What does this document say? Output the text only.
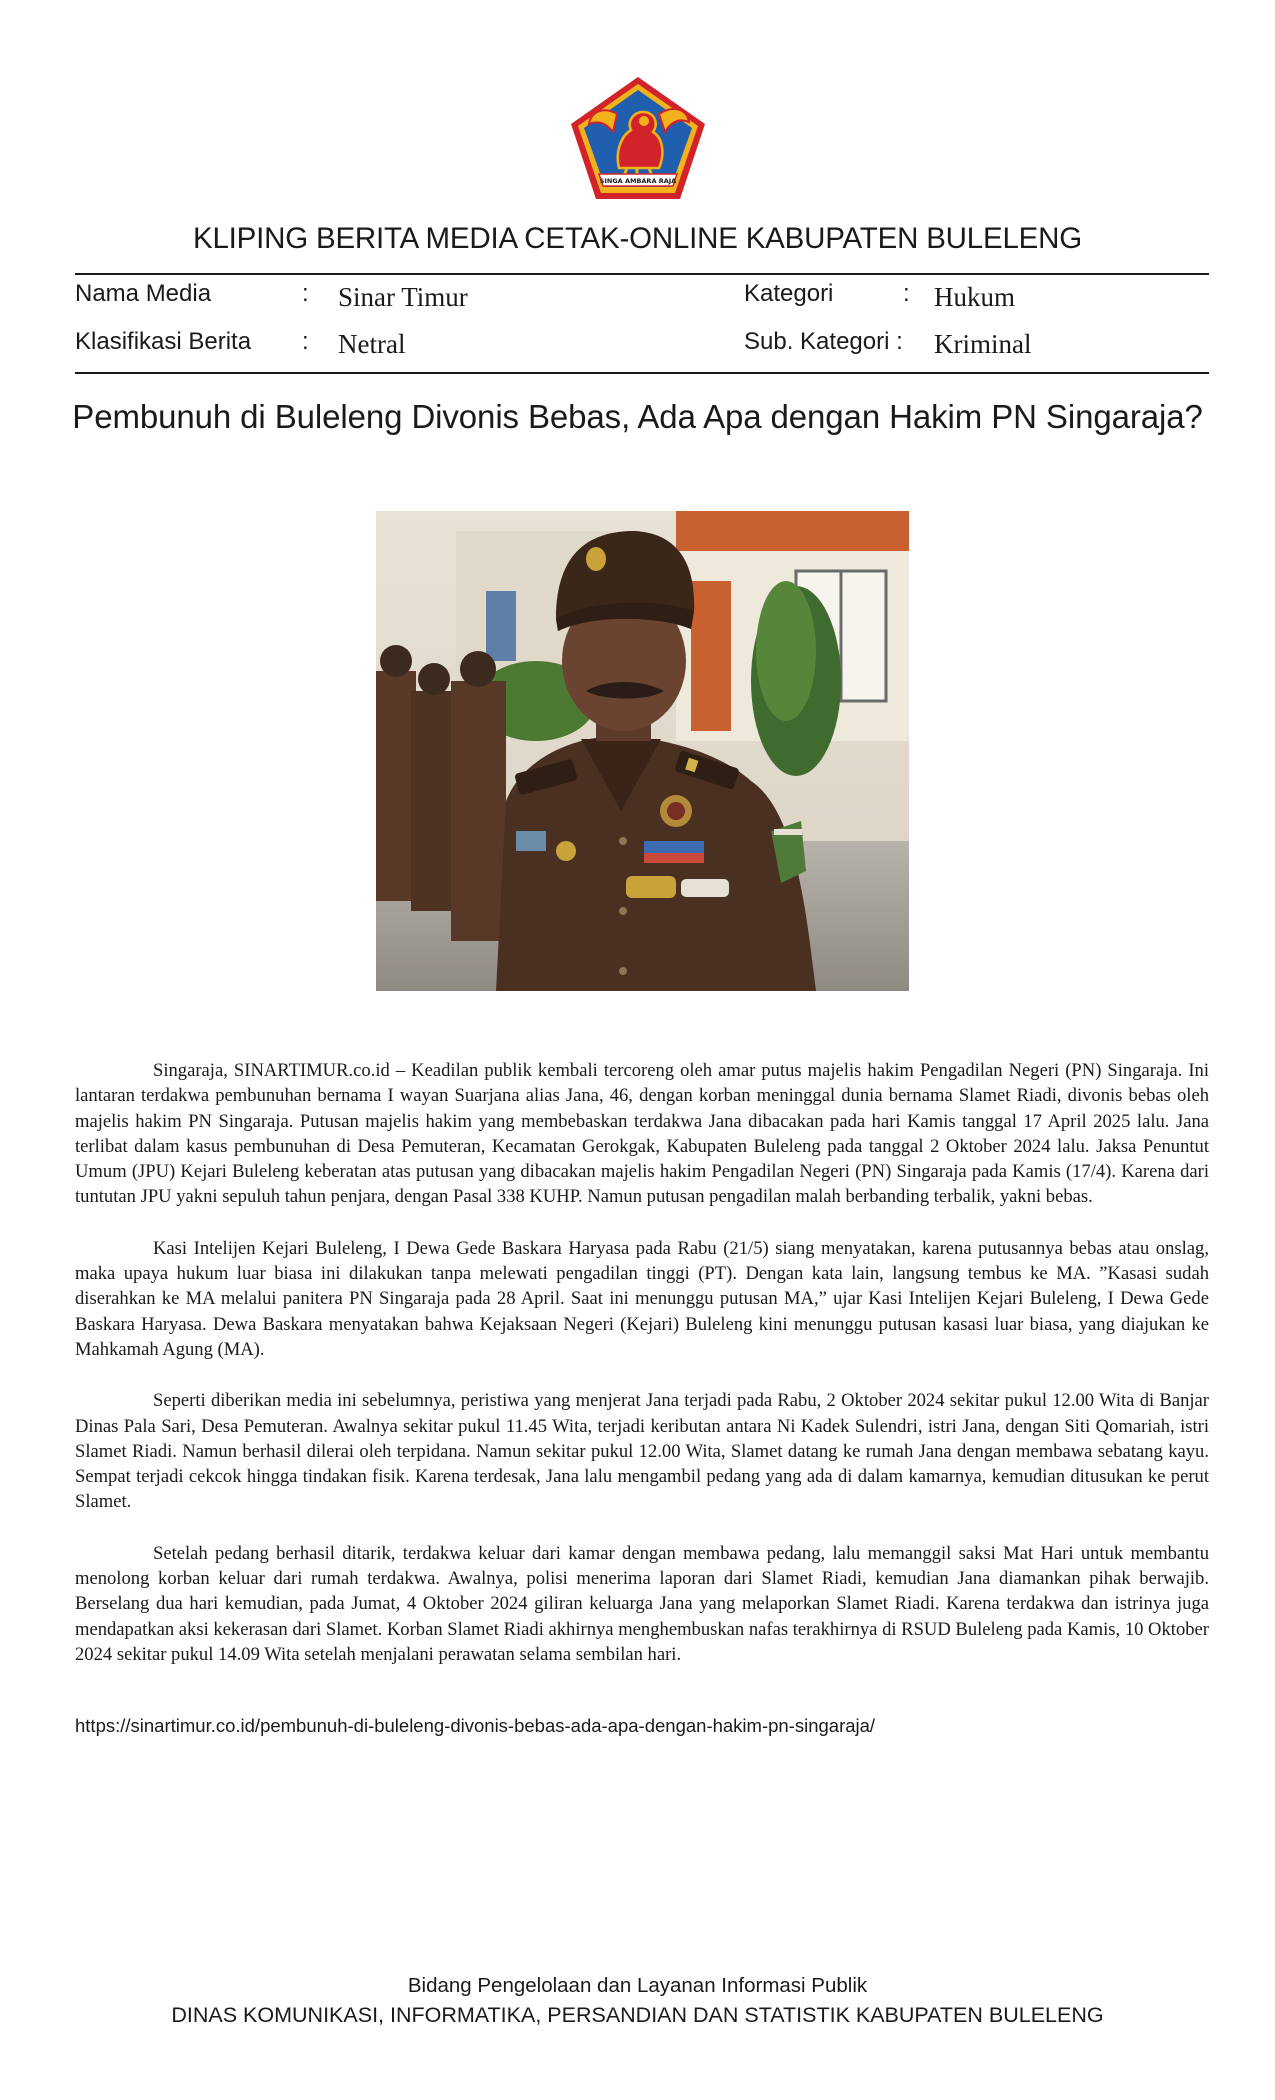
SINGA AMBARA RAJA
KLIPING BERITA MEDIA CETAK-ONLINE KABUPATEN BULELENG
Nama Media	: Sinar Timur	Kategori	: Hukum
Klasifikasi Berita : Netral	Sub. Kategori : Kriminal
Pembunuh di Buleleng Divonis Bebas, Ada Apa dengan Hakim PN Singaraja?

Singaraja, SINARTIMUR.co.id – Keadilan publik kembali tercoreng oleh amar putus majelis hakim Pengadilan Negeri (PN) Singaraja. Ini lantaran terdakwa pembunuhan bernama I wayan Suarjana alias Jana, 46, dengan korban meninggal dunia bernama Slamet Riadi, divonis bebas oleh majelis hakim PN Singaraja. Putusan majelis hakim yang membebaskan terdakwa Jana dibacakan pada hari Kamis tanggal 17 April 2025 lalu. Jana terlibat dalam kasus pembunuhan di Desa Pemuteran, Kecamatan Gerokgak, Kabupaten Buleleng pada tanggal 2 Oktober 2024 lalu. Jaksa Penuntut Umum (JPU) Kejari Buleleng keberatan atas putusan yang dibacakan majelis hakim Pengadilan Negeri (PN) Singaraja pada Kamis (17/4). Karena dari tuntutan JPU yakni sepuluh tahun penjara, dengan Pasal 338 KUHP. Namun putusan pengadilan malah berbanding terbalik, yakni bebas.

Kasi Intelijen Kejari Buleleng, I Dewa Gede Baskara Haryasa pada Rabu (21/5) siang menyatakan, karena putusannya bebas atau onslag, maka upaya hukum luar biasa ini dilakukan tanpa melewati pengadilan tinggi (PT). Dengan kata lain, langsung tembus ke MA. ”Kasasi sudah diserahkan ke MA melalui panitera PN Singaraja pada 28 April. Saat ini menunggu putusan MA,” ujar Kasi Intelijen Kejari Buleleng, I Dewa Gede Baskara Haryasa. Dewa Baskara menyatakan bahwa Kejaksaan Negeri (Kejari) Buleleng kini menunggu putusan kasasi luar biasa, yang diajukan ke Mahkamah Agung (MA).

Seperti diberikan media ini sebelumnya, peristiwa yang menjerat Jana terjadi pada Rabu, 2 Oktober 2024 sekitar pukul 12.00 Wita di Banjar Dinas Pala Sari, Desa Pemuteran. Awalnya sekitar pukul 11.45 Wita, terjadi keributan antara Ni Kadek Sulendri, istri Jana, dengan Siti Qomariah, istri Slamet Riadi. Namun berhasil dilerai oleh terpidana. Namun sekitar pukul 12.00 Wita, Slamet datang ke rumah Jana dengan membawa sebatang kayu. Sempat terjadi cekcok hingga tindakan fisik. Karena terdesak, Jana lalu mengambil pedang yang ada di dalam kamarnya, kemudian ditusukan ke perut Slamet.

Setelah pedang berhasil ditarik, terdakwa keluar dari kamar dengan membawa pedang, lalu memanggil saksi Mat Hari untuk membantu menolong korban keluar dari rumah terdakwa. Awalnya, polisi menerima laporan dari Slamet Riadi, kemudian Jana diamankan pihak berwajib. Berselang dua hari kemudian, pada Jumat, 4 Oktober 2024 giliran keluarga Jana yang melaporkan Slamet Riadi. Karena terdakwa dan istrinya juga mendapatkan aksi kekerasan dari Slamet. Korban Slamet Riadi akhirnya menghembuskan nafas terakhirnya di RSUD Buleleng pada Kamis, 10 Oktober 2024 sekitar pukul 14.09 Wita setelah menjalani perawatan selama sembilan hari.

https://sinartimur.co.id/pembunuh-di-buleleng-divonis-bebas-ada-apa-dengan-hakim-pn-singaraja/
Bidang Pengelolaan dan Layanan Informasi Publik
DINAS KOMUNIKASI, INFORMATIKA, PERSANDIAN DAN STATISTIK KABUPATEN BULELENG
